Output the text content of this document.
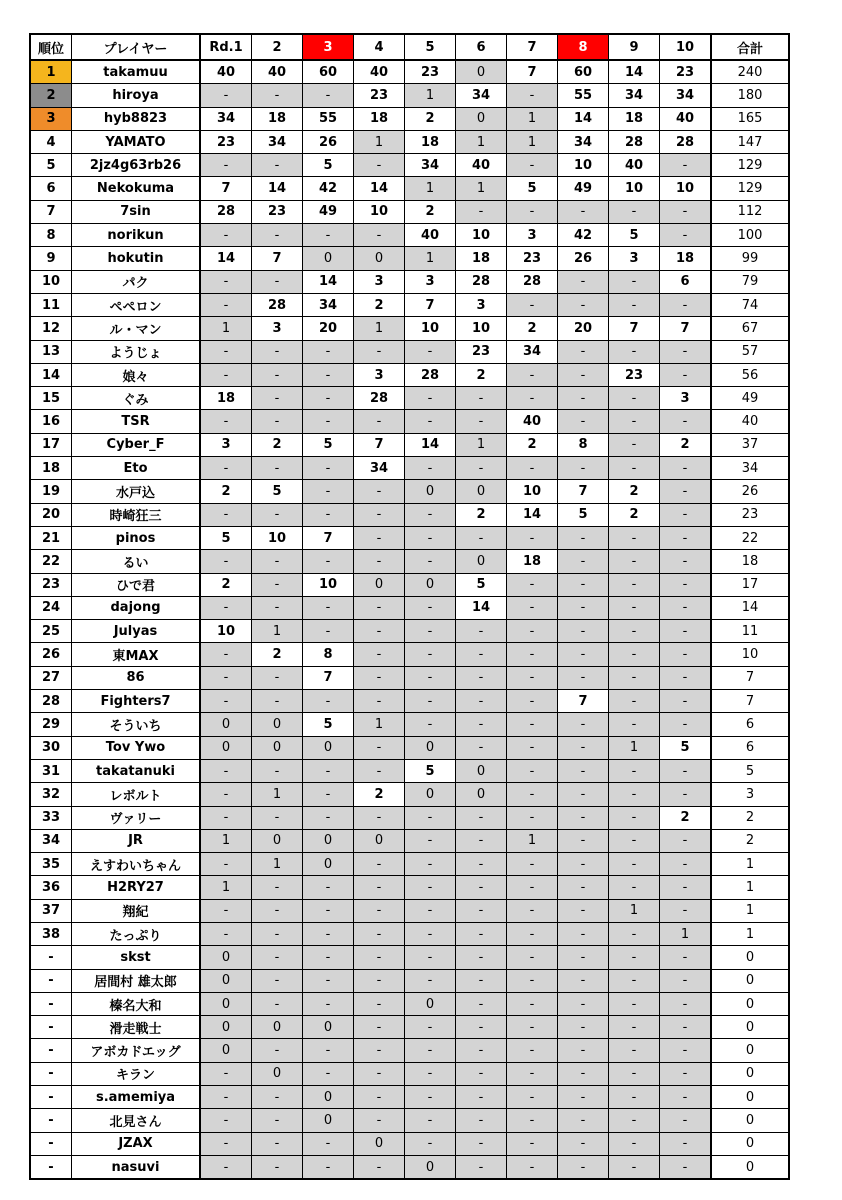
順位	プレイヤー	Rd.1	2	3	4	5	6	7	8	9	10	合計
1	takamuu	40	40	60	40	23	0	7	60	14	23	240
2	hiroya	-	-	-	23	1	34	-	55	34	34	180
3	hyb8823	34	18	55	18	2	0	1	14	18	40	165
4	YAMATO	23	34	26	1	18	1	1	34	28	28	147
5	2jz4g63rb26	-	-	5	-	34	40	-	10	40	-	129
6	Nekokuma	7	14	42	14	1	1	5	49	10	10	129
7	7sin	28	23	49	10	2	-	-	-	-	-	112
8	norikun	-	-	-	-	40	10	3	42	5	-	100
9	hokutin	14	7	0	0	1	18	23	26	3	18	99
10	パク	-	-	14	3	3	28	28	-	-	6	79
11	ペペロン	-	28	34	2	7	3	-	-	-	-	74
12	ル・マン	1	3	20	1	10	10	2	20	7	7	67
13	ようじょ	-	-	-	-	-	23	34	-	-	-	57
14	娘々	-	-	-	3	28	2	-	-	23	-	56
15	ぐみ	18	-	-	28	-	-	-	-	-	3	49
16	TSR	-	-	-	-	-	-	40	-	-	-	40
17	Cyber_F	3	2	5	7	14	1	2	8	-	2	37
18	Eto	-	-	-	34	-	-	-	-	-	-	34
19	水戸込	2	5	-	-	0	0	10	7	2	-	26
20	時崎狂三	-	-	-	-	-	2	14	5	2	-	23
21	pinos	5	10	7	-	-	-	-	-	-	-	22
22	るい	-	-	-	-	-	0	18	-	-	-	18
23	ひで君	2	-	10	0	0	5	-	-	-	-	17
24	dajong	-	-	-	-	-	14	-	-	-	-	14
25	Julyas	10	1	-	-	-	-	-	-	-	-	11
26	東MAX	-	2	8	-	-	-	-	-	-	-	10
27	86	-	-	7	-	-	-	-	-	-	-	7
28	Fighters7	-	-	-	-	-	-	-	7	-	-	7
29	そういち	0	0	5	1	-	-	-	-	-	-	6
30	Tov Ywo	0	0	0	-	0	-	-	-	1	5	6
31	takatanuki	-	-	-	-	5	0	-	-	-	-	5
32	レボルト	-	1	-	2	0	0	-	-	-	-	3
33	ヴァリー	-	-	-	-	-	-	-	-	-	2	2
34	JR	1	0	0	0	-	-	1	-	-	-	2
35	えすわいちゃん	-	1	0	-	-	-	-	-	-	-	1
36	H2RY27	1	-	-	-	-	-	-	-	-	-	1
37	翔紀	-	-	-	-	-	-	-	-	1	-	1
38	たっぷり	-	-	-	-	-	-	-	-	-	1	1
-	skst	0	-	-	-	-	-	-	-	-	-	0
-	居間村 雄太郎	0	-	-	-	-	-	-	-	-	-	0
-	榛名大和	0	-	-	-	0	-	-	-	-	-	0
-	滑走戦士	0	0	0	-	-	-	-	-	-	-	0
-	アボカドエッグ	0	-	-	-	-	-	-	-	-	-	0
-	キラン	-	0	-	-	-	-	-	-	-	-	0
-	s.amemiya	-	-	0	-	-	-	-	-	-	-	0
-	北見さん	-	-	0	-	-	-	-	-	-	-	0
-	JZAX	-	-	-	0	-	-	-	-	-	-	0
-	nasuvi	-	-	-	-	0	-	-	-	-	-	0
